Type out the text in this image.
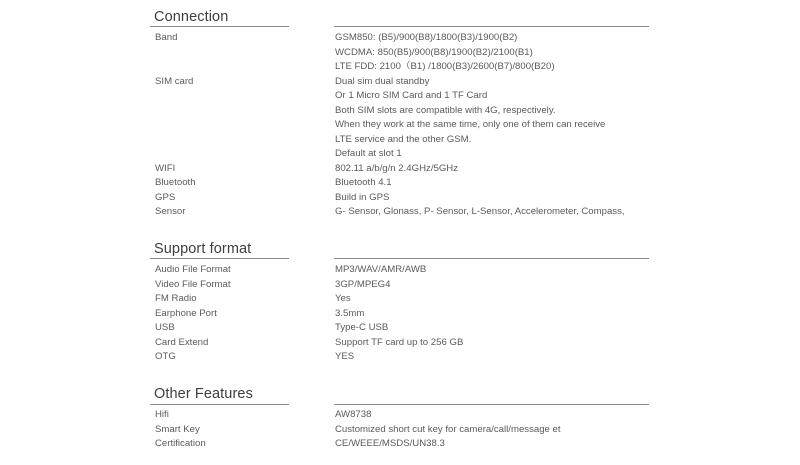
Connection
Band	GSM850: (B5)/900(B8)/1800(B3)/1900(B2)
WCDMA: 850(B5)/900(B8)/1900(B2)/2100(B1)
LTE FDD: 2100（B1) /1800(B3)/2600(B7)/800(B20)
SIM card	Dual sim dual standby
Or 1 Micro SIM Card and 1 TF Card
Both SIM slots are compatible with 4G, respectively.
When they work at the same time, only one of them can receive
LTE service and the other GSM.
Default at slot 1
WIFI	802.11 a/b/g/n 2.4GHz/5GHz
Bluetooth	Bluetooth 4.1
GPS	Build in GPS
Sensor	G- Sensor, Glonass, P- Sensor, L-Sensor, Accelerometer, Compass,
Support format
Audio File Format	MP3/WAV/AMR/AWB
Video File Format	3GP/MPEG4
FM Radio	Yes
Earphone Port	3.5mm
USB	Type-C USB
Card Extend	Support TF card up to 256 GB
OTG	YES
Other Features
Hifi	AW8738
Smart Key	Customized short cut key for camera/call/message et
Certification	CE/WEEE/MSDS/UN38.3
